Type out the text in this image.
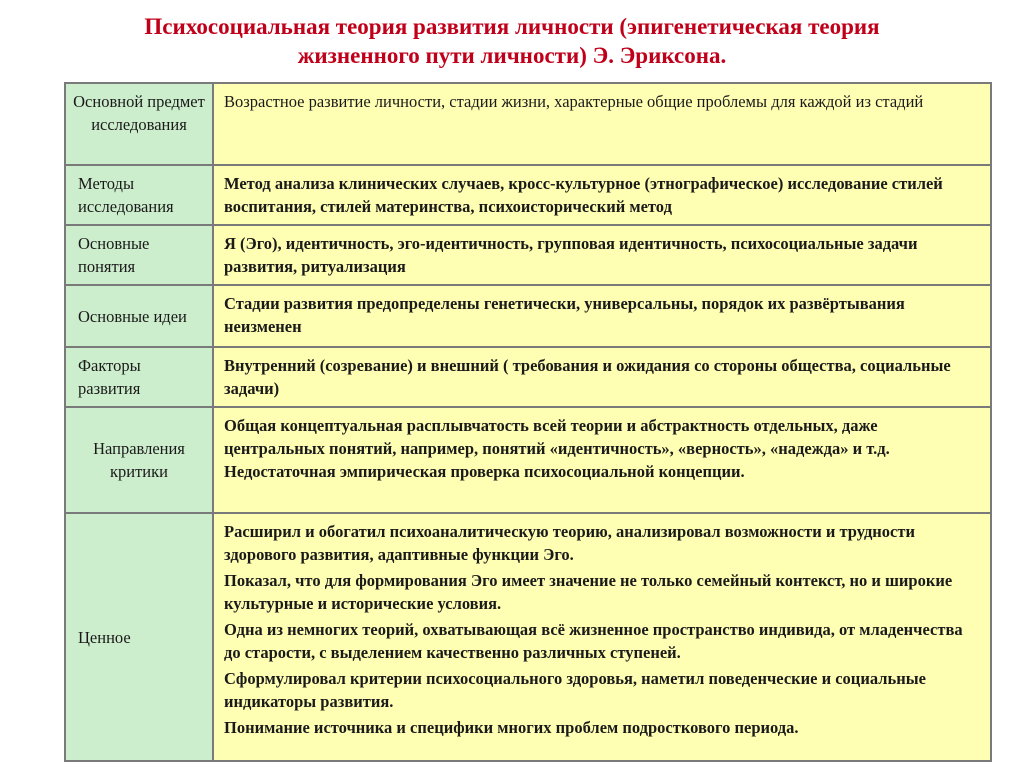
Психосоциальная теория развития личности (эпигенетическая теория
жизненного пути личности) Э. Эриксона.
Основной предмет исследования	Возрастное развитие личности, стадии жизни, характерные общие проблемы для каждой из стадий
Методы исследования	Метод анализа клинических случаев, кросс-культурное (этнографическое) исследование стилей воспитания, стилей материнства, психоисторический метод
Основные понятия	Я (Эго), идентичность, эго-идентичность, групповая идентичность, психосоциальные задачи развития, ритуализация
Основные идеи	Стадии развития предопределены генетически, универсальны, порядок их развёртывания неизменен
Факторы развития	Внутренний (созревание) и внешний ( требования и ожидания со стороны общества, социальные задачи)
Направления критики	Общая концептуальная расплывчатость всей теории и абстрактность отдельных, даже центральных понятий, например, понятий «идентичность», «верность», «надежда» и т.д. Недостаточная эмпирическая проверка психосоциальной концепции.
Ценное	Расширил и обогатил психоаналитическую теорию, анализировал возможности и трудности здорового развития, адаптивные функции Эго.

Показал, что для формирования Эго имеет значение не только семейный контекст, но и широкие культурные и исторические условия.

Одна из немногих теорий, охватывающая всё жизненное пространство индивида, от младенчества до старости, с выделением качественно различных ступеней.

Сформулировал критерии психосоциального здоровья, наметил поведенческие и социальные индикаторы развития.

Понимание источника и специфики многих проблем подросткового периода.
